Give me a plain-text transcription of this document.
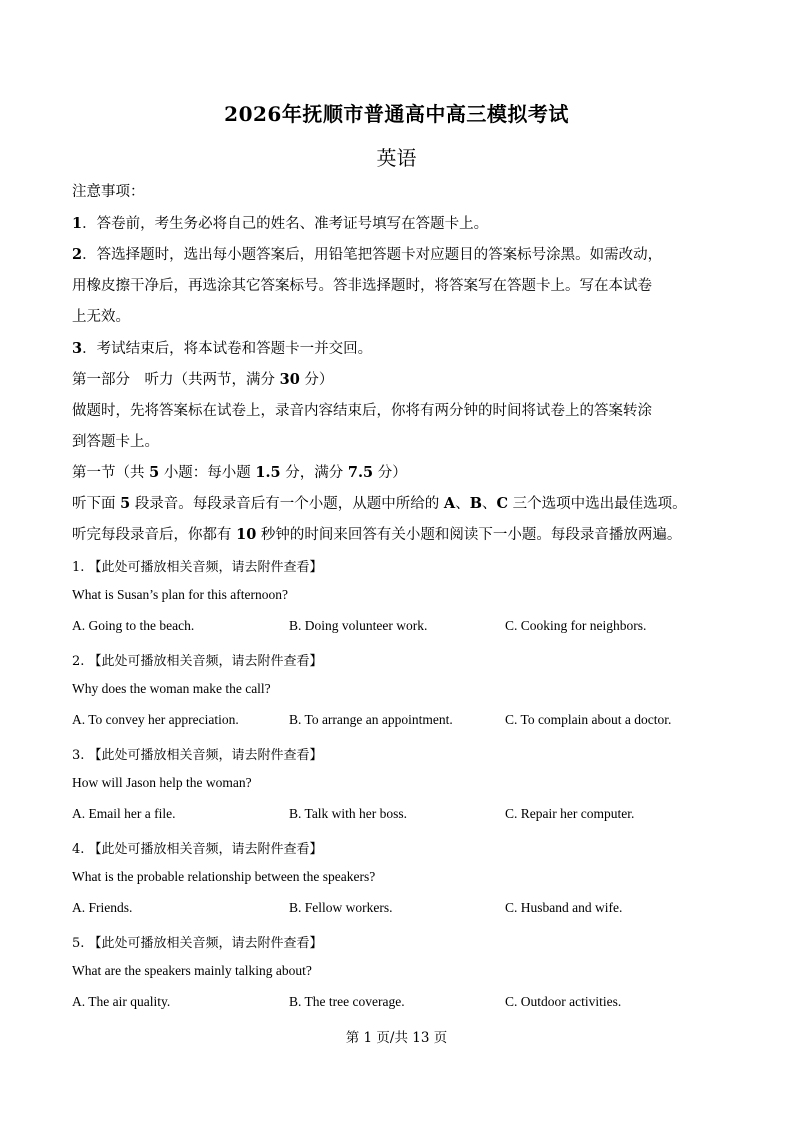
2026年抚顺市普通高中高三模拟考试
英语
注意事项：
1．答卷前，考生务必将自己的姓名、准考证号填写在答题卡上。
2．答选择题时，选出每小题答案后，用铅笔把答题卡对应题目的答案标号涂黑。如需改动，
用橡皮擦干净后，再选涂其它答案标号。答非选择题时，将答案写在答题卡上。写在本试卷
上无效。
3．考试结束后，将本试卷和答题卡一并交回。
第一部分　听力（共两节，满分 30 分）
做题时，先将答案标在试卷上，录音内容结束后，你将有两分钟的时间将试卷上的答案转涂
到答题卡上。
第一节（共 5 小题：每小题 1.5 分，满分 7.5 分）
听下面 5 段录音。每段录音后有一个小题，从题中所给的 A、B、C 三个选项中选出最佳选项。
听完每段录音后，你都有 10 秒钟的时间来回答有关小题和阅读下一小题。每段录音播放两遍。
1. 【此处可播放相关音频，请去附件查看】
What is Susan’s plan for this afternoon?
A. Going to the beach.	B. Doing volunteer work.	C. Cooking for neighbors.
2. 【此处可播放相关音频，请去附件查看】
Why does the woman make the call?
A. To convey her appreciation.	B. To arrange an appointment.	C. To complain about a doctor.
3. 【此处可播放相关音频，请去附件查看】
How will Jason help the woman?
A. Email her a file.	B. Talk with her boss.	C. Repair her computer.
4. 【此处可播放相关音频，请去附件查看】
What is the probable relationship between the speakers?
A. Friends.	B. Fellow workers.	C. Husband and wife.
5. 【此处可播放相关音频，请去附件查看】
What are the speakers mainly talking about?
A. The air quality.	B. The tree coverage.	C. Outdoor activities.
第 1 页/共 13 页
